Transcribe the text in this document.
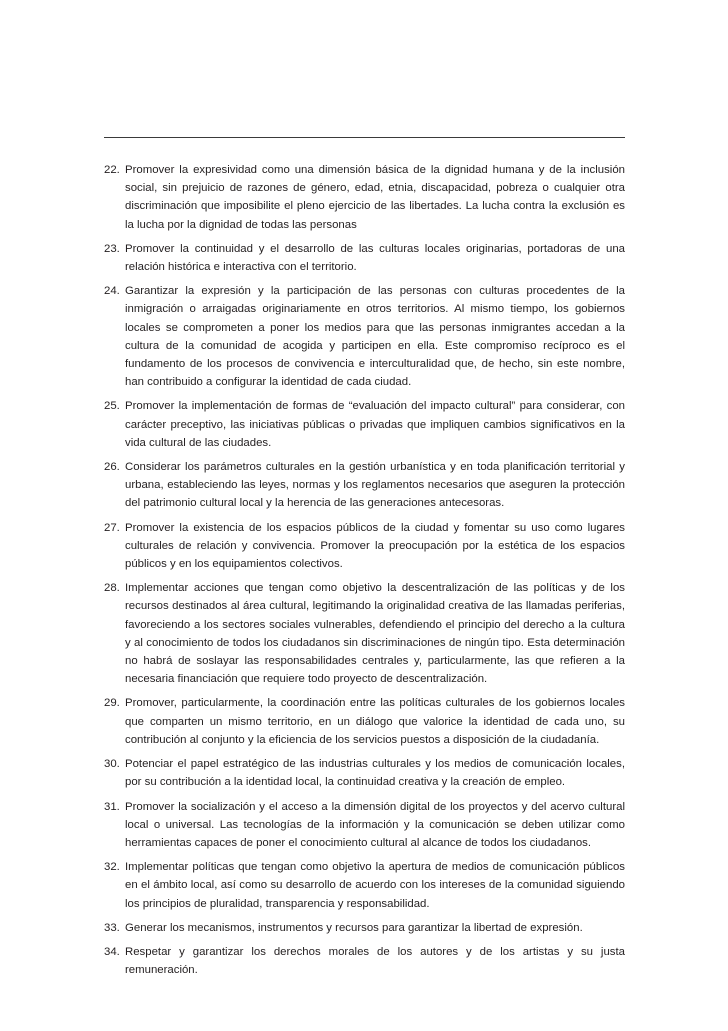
22. Promover la expresividad como una dimensión básica de la dignidad humana y de la inclusión social, sin prejuicio de razones de género, edad, etnia, discapacidad, pobreza o cualquier otra discriminación que imposibilite el pleno ejercicio de las libertades. La lucha contra la exclusión es la lucha por la dignidad de todas las personas
23. Promover la continuidad y el desarrollo de las culturas locales originarias, portadoras de una relación histórica e interactiva con el territorio.
24. Garantizar la expresión y la participación de las personas con culturas procedentes de la inmigración o arraigadas originariamente en otros territorios. Al mismo tiempo, los gobiernos locales se comprometen a poner los medios para que las personas inmigrantes accedan a la cultura de la comunidad de acogida y participen en ella. Este compromiso recíproco es el fundamento de los procesos de convivencia e interculturalidad que, de hecho, sin este nombre, han contribuido a configurar la identidad de cada ciudad.
25. Promover la implementación de formas de “evaluación del impacto cultural” para considerar, con carácter preceptivo, las iniciativas públicas o privadas que impliquen cambios significativos en la vida cultural de las ciudades.
26. Considerar los parámetros culturales en la gestión urbanística y en toda planificación territorial y urbana, estableciendo las leyes, normas y los reglamentos necesarios que aseguren la protección del patrimonio cultural local y la herencia de las generaciones antecesoras.
27. Promover la existencia de los espacios públicos de la ciudad y fomentar su uso como lugares culturales de relación y convivencia. Promover la preocupación por la estética de los espacios públicos y en los equipamientos colectivos.
28. Implementar acciones que tengan como objetivo la descentralización de las políticas y de los recursos destinados al área cultural, legitimando la originalidad creativa de las llamadas periferias, favoreciendo a los sectores sociales vulnerables, defendiendo el principio del derecho a la cultura y al conocimiento de todos los ciudadanos sin discriminaciones de ningún tipo. Esta determinación no habrá de soslayar las responsabilidades centrales y, particularmente, las que refieren a la necesaria financiación que requiere todo proyecto de descentralización.
29. Promover, particularmente, la coordinación entre las políticas culturales de los gobiernos locales que comparten un mismo territorio, en un diálogo que valorice la identidad de cada uno, su contribución al conjunto y la eficiencia de los servicios puestos a disposición de la ciudadanía.
30. Potenciar el papel estratégico de las industrias culturales y los medios de comunicación locales, por su contribución a la identidad local, la continuidad creativa y la creación de empleo.
31. Promover la socialización y el acceso a la dimensión digital de los proyectos y del acervo cultural local o universal. Las tecnologías de la información y la comunicación se deben utilizar como herramientas capaces de poner el conocimiento cultural al alcance de todos los ciudadanos.
32. Implementar políticas que tengan como objetivo la apertura de medios de comunicación públicos en el ámbito local, así como su desarrollo de acuerdo con los intereses de la comunidad siguiendo los principios de pluralidad, transparencia y responsabilidad.
33. Generar los mecanismos, instrumentos y recursos para garantizar la libertad de expresión.
34. Respetar y garantizar los derechos morales de los autores y de los artistas y su justa remuneración.
